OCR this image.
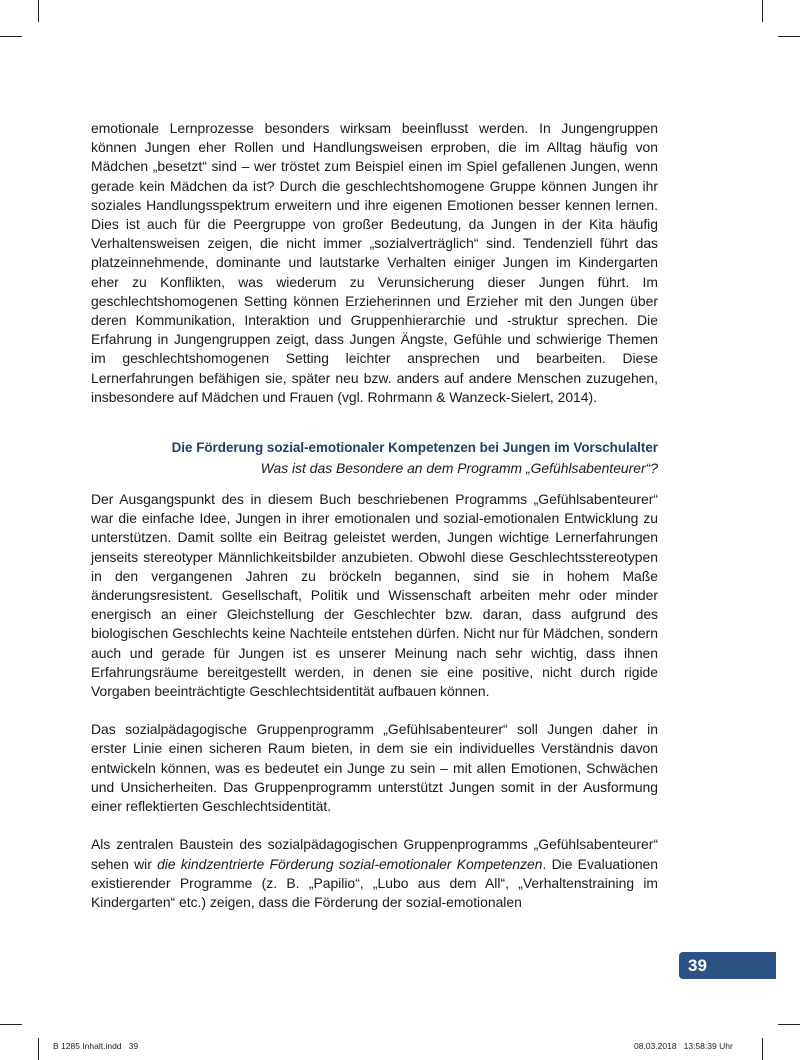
emotionale Lernprozesse besonders wirksam beeinflusst werden. In Jungengruppen können Jungen eher Rollen und Handlungsweisen erproben, die im Alltag häufig von Mädchen „besetzt“ sind – wer tröstet zum Beispiel einen im Spiel gefallenen Jungen, wenn gerade kein Mädchen da ist? Durch die geschlechtshomogene Gruppe können Jungen ihr soziales Handlungsspektrum erweitern und ihre eigenen Emotionen besser kennen lernen. Dies ist auch für die Peergruppe von großer Bedeutung, da Jungen in der Kita häufig Verhaltensweisen zeigen, die nicht immer „sozialverträglich“ sind. Tendenziell führt das platzeinnehmende, dominante und lautstarke Verhalten einiger Jungen im Kindergarten eher zu Konflikten, was wiederum zu Verunsicherung dieser Jungen führt. Im geschlechtshomogenen Setting können Erzieherinnen und Erzieher mit den Jungen über deren Kommunikation, Interaktion und Gruppenhierarchie und -struktur sprechen. Die Erfahrung in Jungengruppen zeigt, dass Jungen Ängste, Gefühle und schwierige Themen im geschlechtshomogenen Setting leichter ansprechen und bearbeiten. Diese Lernerfahrungen befähigen sie, später neu bzw. anders auf andere Menschen zuzugehen, insbesondere auf Mädchen und Frauen (vgl. Rohrmann & Wanzeck-Sielert, 2014).

Die Förderung sozial-emotionaler Kompetenzen bei Jungen im Vorschulalter
Was ist das Besondere an dem Programm „Gefühlsabenteurer“?

Der Ausgangspunkt des in diesem Buch beschriebenen Programms „Gefühlsabenteurer“ war die einfache Idee, Jungen in ihrer emotionalen und sozial-emotionalen Entwicklung zu unterstützen. Damit sollte ein Beitrag geleistet werden, Jungen wichtige Lernerfahrungen jenseits stereotyper Männlichkeitsbilder anzubieten. Obwohl diese Geschlechtsstereotypen in den vergangenen Jahren zu bröckeln begannen, sind sie in hohem Maße änderungsresistent. Gesellschaft, Politik und Wissenschaft arbeiten mehr oder minder energisch an einer Gleichstellung der Geschlechter bzw. daran, dass aufgrund des biologischen Geschlechts keine Nachteile entstehen dürfen. Nicht nur für Mädchen, sondern auch und gerade für Jungen ist es unserer Meinung nach sehr wichtig, dass ihnen Erfahrungsräume bereitgestellt werden, in denen sie eine positive, nicht durch rigide Vorgaben beeinträchtigte Geschlechtsidentität aufbauen können.

Das sozialpädagogische Gruppenprogramm „Gefühlsabenteurer“ soll Jungen daher in erster Linie einen sicheren Raum bieten, in dem sie ein individuelles Verständnis davon entwickeln können, was es bedeutet ein Junge zu sein – mit allen Emotionen, Schwächen und Unsicherheiten. Das Gruppenprogramm unterstützt Jungen somit in der Ausformung einer reflektierten Geschlechtsidentität.

Als zentralen Baustein des sozialpädagogischen Gruppenprogramms „Gefühlsabenteurer“ sehen wir die kindzentrierte Förderung sozial-emotionaler Kompetenzen. Die Evaluationen existierender Programme (z. B. „Papilio“, „Lubo aus dem All“, „Verhaltenstraining im Kindergarten“ etc.) zeigen, dass die Förderung der sozial-emotionalen

39
B 1285 Inhalt.indd   39	08.03.2018   13:58:39 Uhr
